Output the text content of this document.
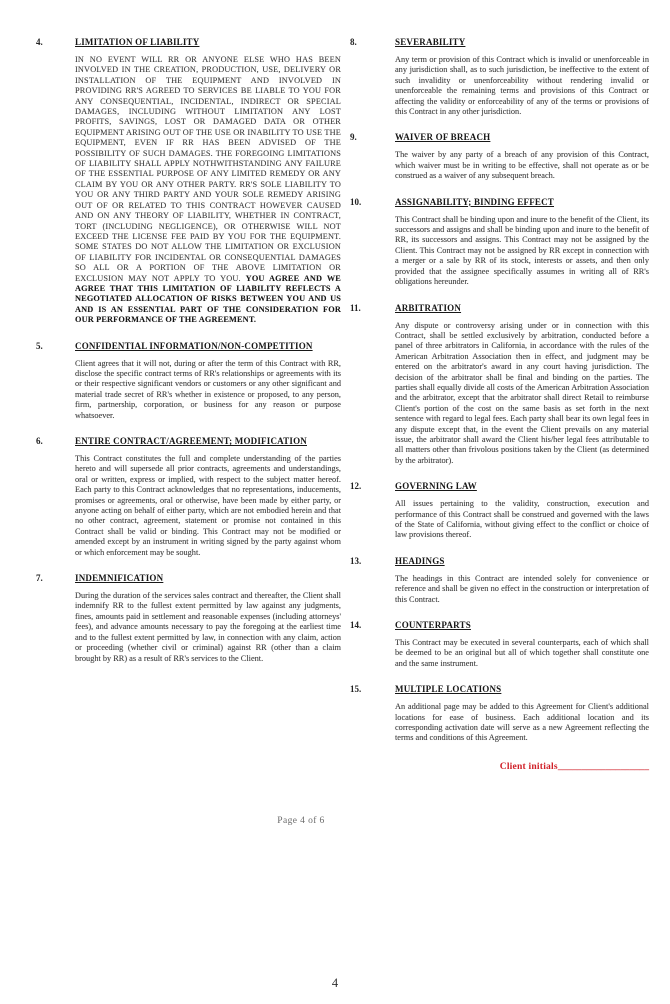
4.	LIMITATION OF LIABILITY

IN NO EVENT WILL RR OR ANYONE ELSE WHO HAS BEEN INVOLVED IN THE CREATION, PRODUCTION, USE, DELIVERY OR INSTALLATION OF THE EQUIPMENT AND INVOLVED IN PROVIDING RR'S AGREED TO SERVICES BE LIABLE TO YOU FOR ANY CONSEQUENTIAL, INCIDENTAL, INDIRECT OR SPECIAL DAMAGES, INCLUDING WITHOUT LIMITATION ANY LOST PROFITS, SAVINGS, LOST OR DAMAGED DATA OR OTHER EQUIPMENT ARISING OUT OF THE USE OR INABILITY TO USE THE EQUIPMENT, EVEN IF RR HAS BEEN ADVISED OF THE POSSIBILITY OF SUCH DAMAGES. THE FOREGOING LIMITATIONS OF LIABILITY SHALL APPLY NOTHWITHSTANDING ANY FAILURE OF THE ESSENTIAL PURPOSE OF ANY LIMITED REMEDY OR ANY CLAIM BY YOU OR ANY OTHER PARTY. RR'S SOLE LIABILITY TO YOU OR ANY THIRD PARTY AND YOUR SOLE REMEDY ARISING OUT OF OR RELATED TO THIS CONTRACT HOWEVER CAUSED AND ON ANY THEORY OF LIABILITY, WHETHER IN CONTRACT, TORT (INCLUDING NEGLIGENCE), OR OTHERWISE WILL NOT EXCEED THE LICENSE FEE PAID BY YOU FOR THE EQUIPMENT. SOME STATES DO NOT ALLOW THE LIMITATION OR EXCLUSION OF LIABILITY FOR INCIDENTAL OR CONSEQUENTIAL DAMAGES SO ALL OR A PORTION OF THE ABOVE LIMITATION OR EXCLUSION MAY NOT APPLY TO YOU. YOU AGREE AND WE AGREE THAT THIS LIMITATION OF LIABILITY REFLECTS A NEGOTIATED ALLOCATION OF RISKS BETWEEN YOU AND US AND IS AN ESSENTIAL PART OF THE CONSIDERATION FOR OUR PERFORMANCE OF THE AGREEMENT.

5.	CONFIDENTIAL INFORMATION/NON-COMPETITION

Client agrees that it will not, during or after the term of this Contract with RR, disclose the specific contract terms of RR's relationships or agreements with its or their respective significant vendors or customers or any other significant and material trade secret of RR's whether in existence or proposed, to any person, firm, partnership, corporation, or business for any reason or purpose whatsoever.

6.	ENTIRE CONTRACT/AGREEMENT; MODIFICATION

This Contract constitutes the full and complete understanding of the parties hereto and will supersede all prior contracts, agreements and understandings, oral or written, express or implied, with respect to the subject matter hereof. Each party to this Contract acknowledges that no representations, inducements, promises or agreements, oral or otherwise, have been made by either party, or anyone acting on behalf of either party, which are not embodied herein and that no other contract, agreement, statement or promise not contained in this Contract shall be valid or binding. This Contract may not be modified or amended except by an instrument in writing signed by the party against whom or which enforcement may be sought.

7.	INDEMNIFICATION

During the duration of the services sales contract and thereafter, the Client shall indemnify RR to the fullest extent permitted by law against any judgments, fines, amounts paid in settlement and reasonable expenses (including attorneys' fees), and advance amounts necessary to pay the foregoing at the earliest time and to the fullest extent permitted by law, in connection with any claim, action or proceeding (whether civil or criminal) against RR (other than a claim brought by RR) as a result of RR's services to the Client.

8.	SEVERABILITY

Any term or provision of this Contract which is invalid or unenforceable in any jurisdiction shall, as to such jurisdiction, be ineffective to the extent of such invalidity or unenforceability without rendering invalid or unenforceable the remaining terms and provisions of this Contract or affecting the validity or enforceability of any of the terms or provisions of this Contract in any other jurisdiction.

9.	WAIVER OF BREACH

The waiver by any party of a breach of any provision of this Contract, which waiver must be in writing to be effective, shall not operate as or be construed as a waiver of any subsequent breach.

10.	ASSIGNABILITY; BINDING EFFECT

This Contract shall be binding upon and inure to the benefit of the Client, its successors and assigns and shall be binding upon and inure to the benefit of RR, its successors and assigns. This Contract may not be assigned by the Client. This Contract may not be assigned by RR except in connection with a merger or a sale by RR of its stock, interests or assets, and then only provided that the assignee specifically assumes in writing all of RR's obligations hereunder.

11.	ARBITRATION

Any dispute or controversy arising under or in connection with this Contract, shall be settled exclusively by arbitration, conducted before a panel of three arbitrators in California, in accordance with the rules of the American Arbitration Association then in effect, and judgment may be entered on the arbitrator's award in any court having jurisdiction. The decision of the arbitrator shall be final and binding on the parties. The parties shall equally divide all costs of the American Arbitration Association and the arbitrator, except that the arbitrator shall direct Retail to reimburse Client's portion of the cost on the same basis as set forth in the next sentence with regard to legal fees. Each party shall bear its own legal fees in any dispute except that, in the event the Client prevails on any material issue, the arbitrator shall award the Client his/her legal fees attributable to all matters other than frivolous positions taken by the Client (as determined by the arbitrator).

12.	GOVERNING LAW

All issues pertaining to the validity, construction, execution and performance of this Contract shall be construed and governed with the laws of the State of California, without giving effect to the conflict or choice of law provisions thereof.

13.	HEADINGS

The headings in this Contract are intended solely for convenience or reference and shall be given no effect in the construction or interpretation of this Contract.

14.	COUNTERPARTS

This Contract may be executed in several counterparts, each of which shall be deemed to be an original but all of which together shall constitute one and the same instrument.

15.	MULTIPLE LOCATIONS

An additional page may be added to this Agreement for Client's additional locations for ease of business. Each additional location and its corresponding activation date will serve as a new Agreement reflecting the terms and conditions of this Agreement.

Client initials___________________
Page 4 of 6
4
